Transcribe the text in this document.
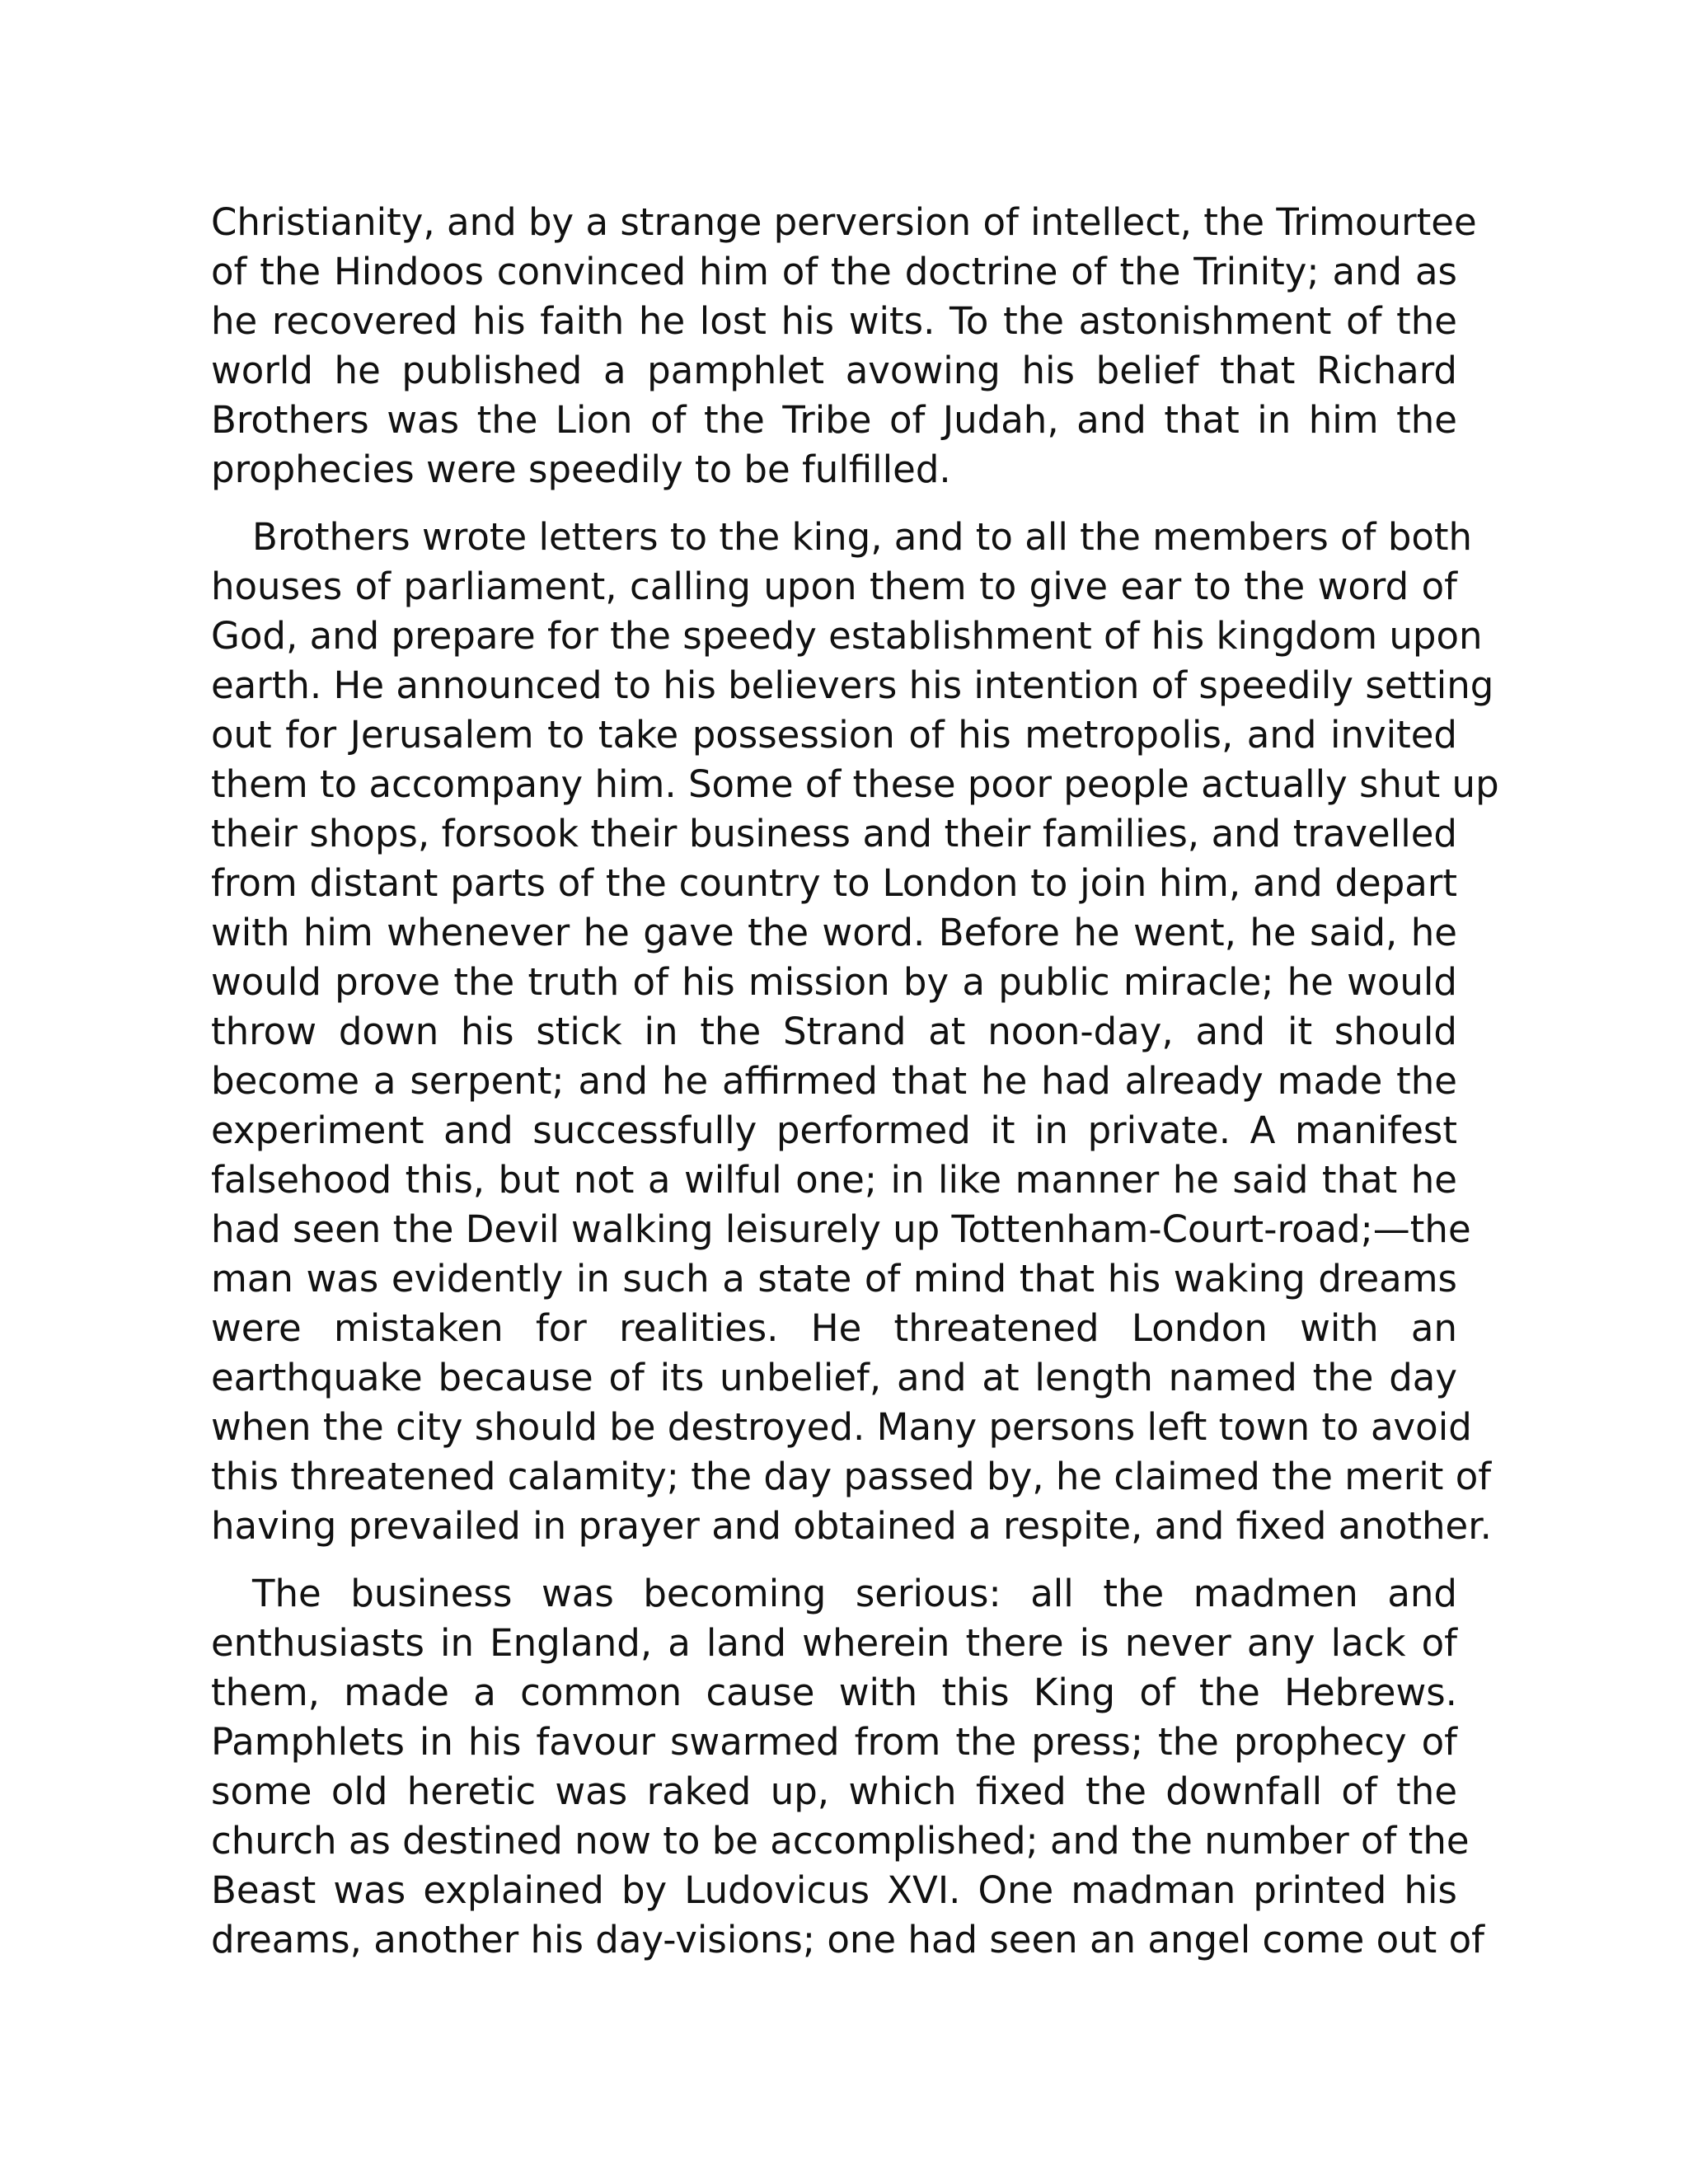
Christianity, and by a strange perversion of intellect, the Trimourtee
of the Hindoos convinced him of the doctrine of the Trinity; and as
he recovered his faith he lost his wits. To the astonishment of the
world he published a pamphlet avowing his belief that Richard
Brothers was the Lion of the Tribe of Judah, and that in him the
prophecies were speedily to be fulfilled.
Brothers wrote letters to the king, and to all the members of both
houses of parliament, calling upon them to give ear to the word of
God, and prepare for the speedy establishment of his kingdom upon
earth. He announced to his believers his intention of speedily setting
out for Jerusalem to take possession of his metropolis, and invited
them to accompany him. Some of these poor people actually shut up
their shops, forsook their business and their families, and travelled
from distant parts of the country to London to join him, and depart
with him whenever he gave the word. Before he went, he said, he
would prove the truth of his mission by a public miracle; he would
throw down his stick in the Strand at noon-day, and it should
become a serpent; and he affirmed that he had already made the
experiment and successfully performed it in private. A manifest
falsehood this, but not a wilful one; in like manner he said that he
had seen the Devil walking leisurely up Tottenham-Court-road;—the
man was evidently in such a state of mind that his waking dreams
were mistaken for realities. He threatened London with an
earthquake because of its unbelief, and at length named the day
when the city should be destroyed. Many persons left town to avoid
this threatened calamity; the day passed by, he claimed the merit of
having prevailed in prayer and obtained a respite, and fixed another.
The business was becoming serious: all the madmen and
enthusiasts in England, a land wherein there is never any lack of
them, made a common cause with this King of the Hebrews.
Pamphlets in his favour swarmed from the press; the prophecy of
some old heretic was raked up, which fixed the downfall of the
church as destined now to be accomplished; and the number of the
Beast was explained by Ludovicus XVI. One madman printed his
dreams, another his day-visions; one had seen an angel come out of
